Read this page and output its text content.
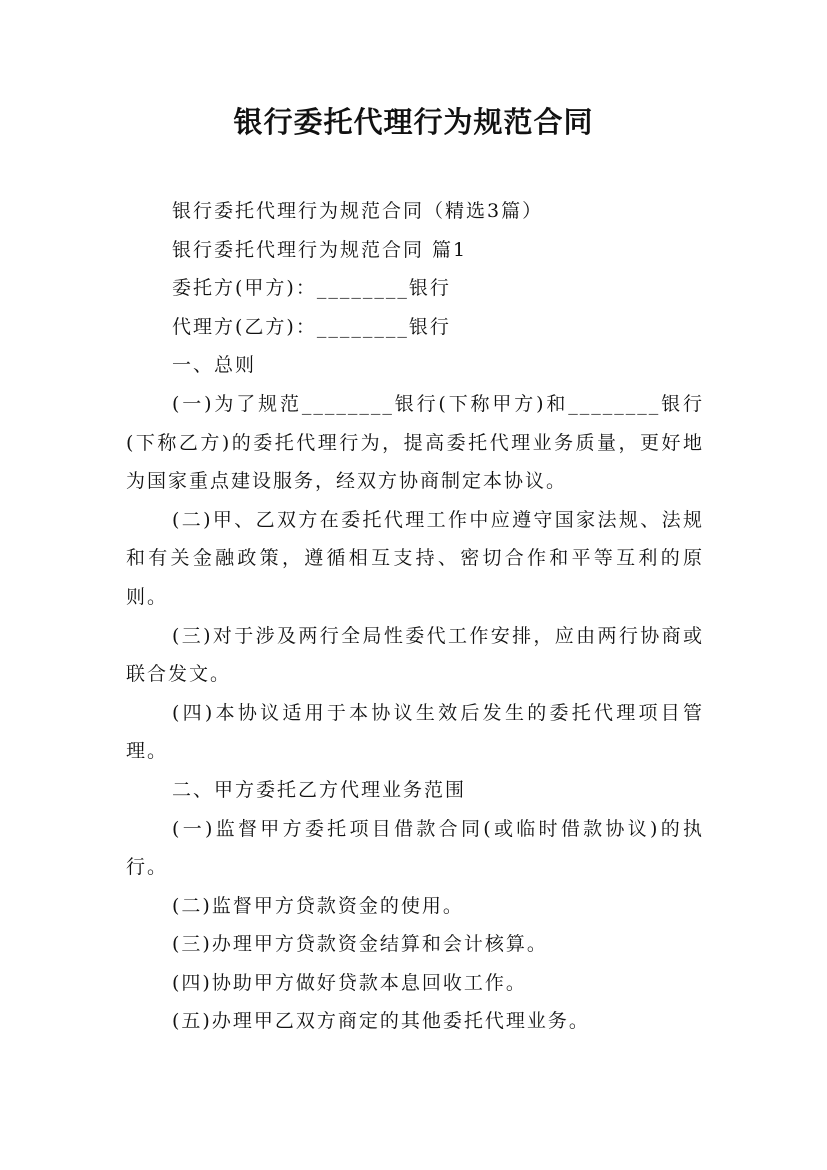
银行委托代理行为规范合同

银行委托代理行为规范合同（精选3篇）

银行委托代理行为规范合同 篇1

委托方(甲方)：________银行

代理方(乙方)：________银行

一、总则

(一)为了规范________银行(下称甲方)和________银行(下称乙方)的委托代理行为，提高委托代理业务质量，更好地为国家重点建设服务，经双方协商制定本协议。

(二)甲、乙双方在委托代理工作中应遵守国家法规、法规和有关金融政策，遵循相互支持、密切合作和平等互利的原则。

(三)对于涉及两行全局性委代工作安排，应由两行协商或联合发文。

(四)本协议适用于本协议生效后发生的委托代理项目管理。

二、甲方委托乙方代理业务范围

(一)监督甲方委托项目借款合同(或临时借款协议)的执行。

(二)监督甲方贷款资金的使用。

(三)办理甲方贷款资金结算和会计核算。

(四)协助甲方做好贷款本息回收工作。

(五)办理甲乙双方商定的其他委托代理业务。
